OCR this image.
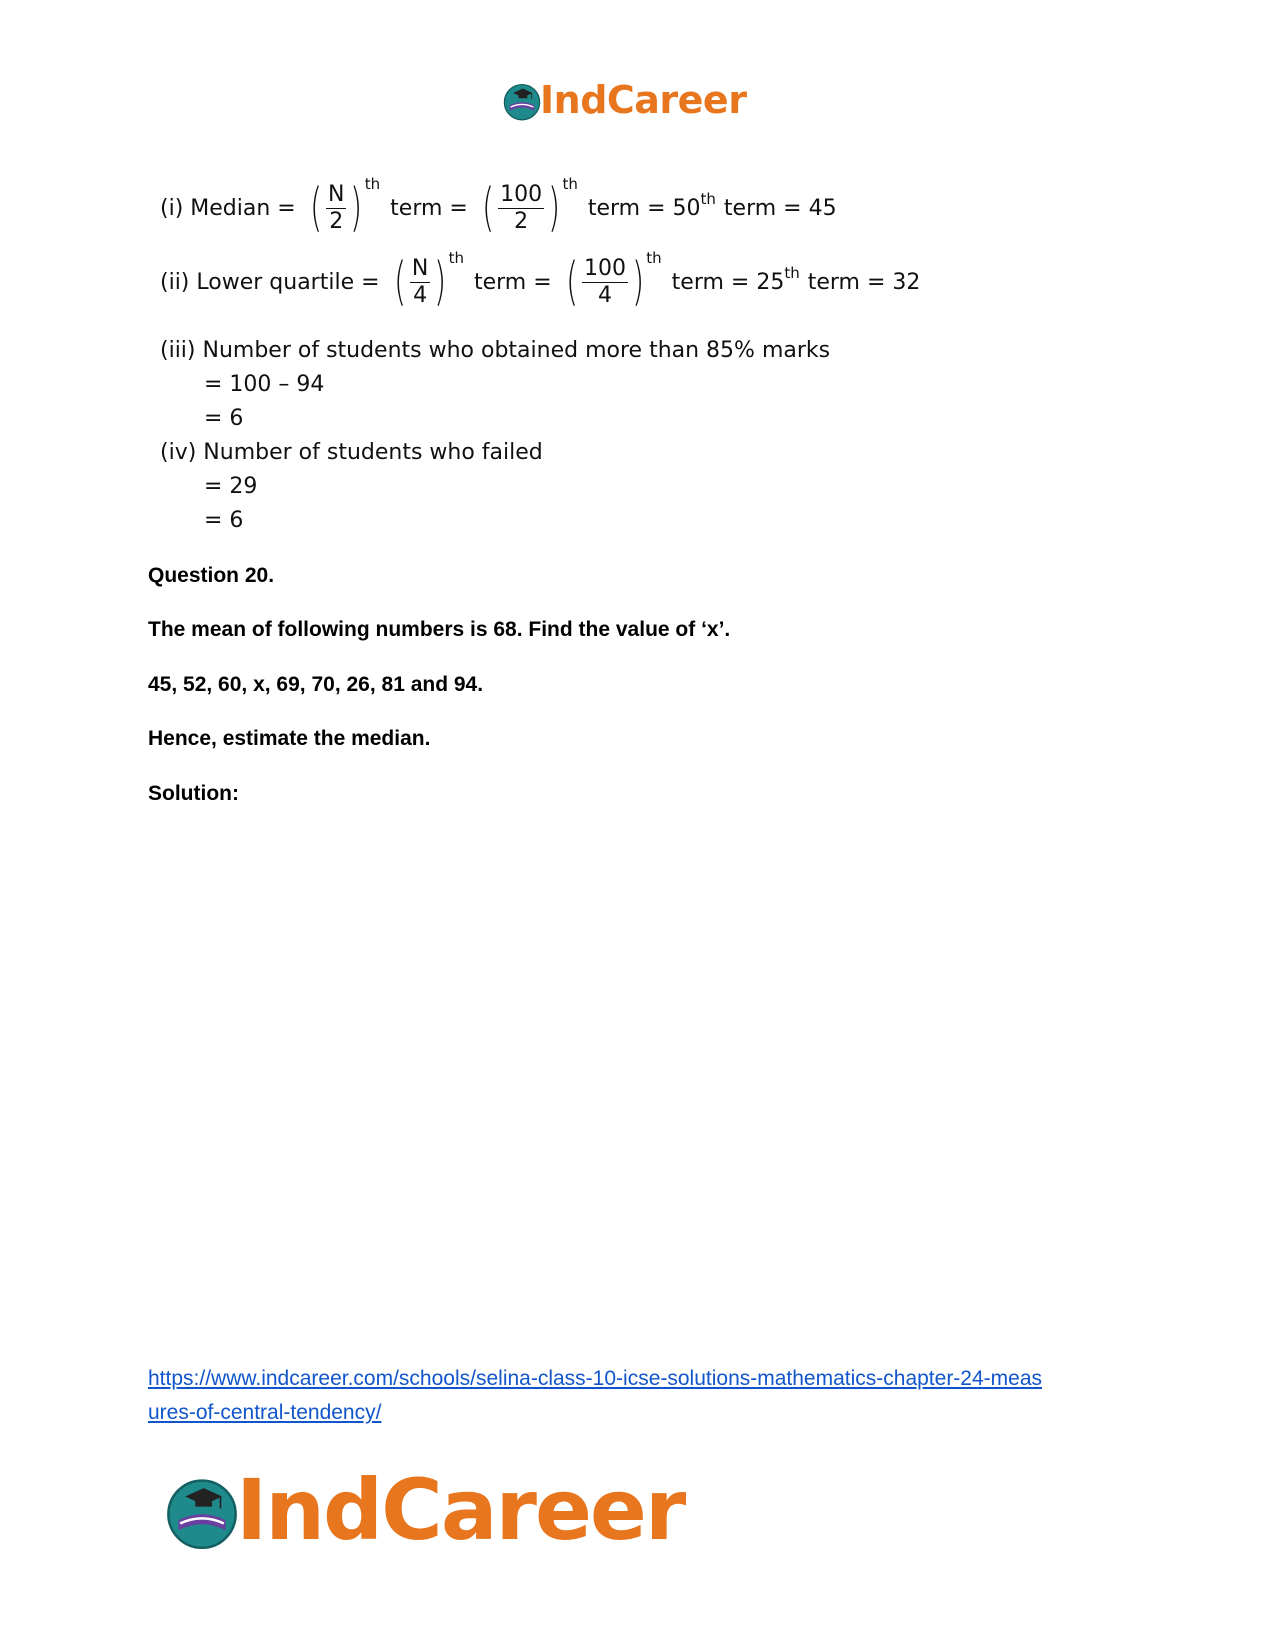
IndCareer
(i) Median = ( $\frac{N}{2}$ ) th
term = ( $\frac{100}{2}$ ) th
term = 50 th term = 45
(ii) Lower quartile = ( $\frac{N}{4}$ ) th
term = ( $\frac{100}{4}$ ) th
term = 25 th term = 32
(iii) Number of students who obtained more than 85% marks
= 100 – 94
= 6
(iv) Number of students who failed
= 29
= 6
Question 20.
The mean of following numbers is 68. Find the value of ‘x’.
45, 52, 60, x, 69, 70, 26, 81 and 94.
Hence, estimate the median.
Solution:
https://www.indcareer.com/schools/selina-class-10-icse-solutions-mathematics-chapter-24-meas
ures-of-central-tendency/
IndCareer
